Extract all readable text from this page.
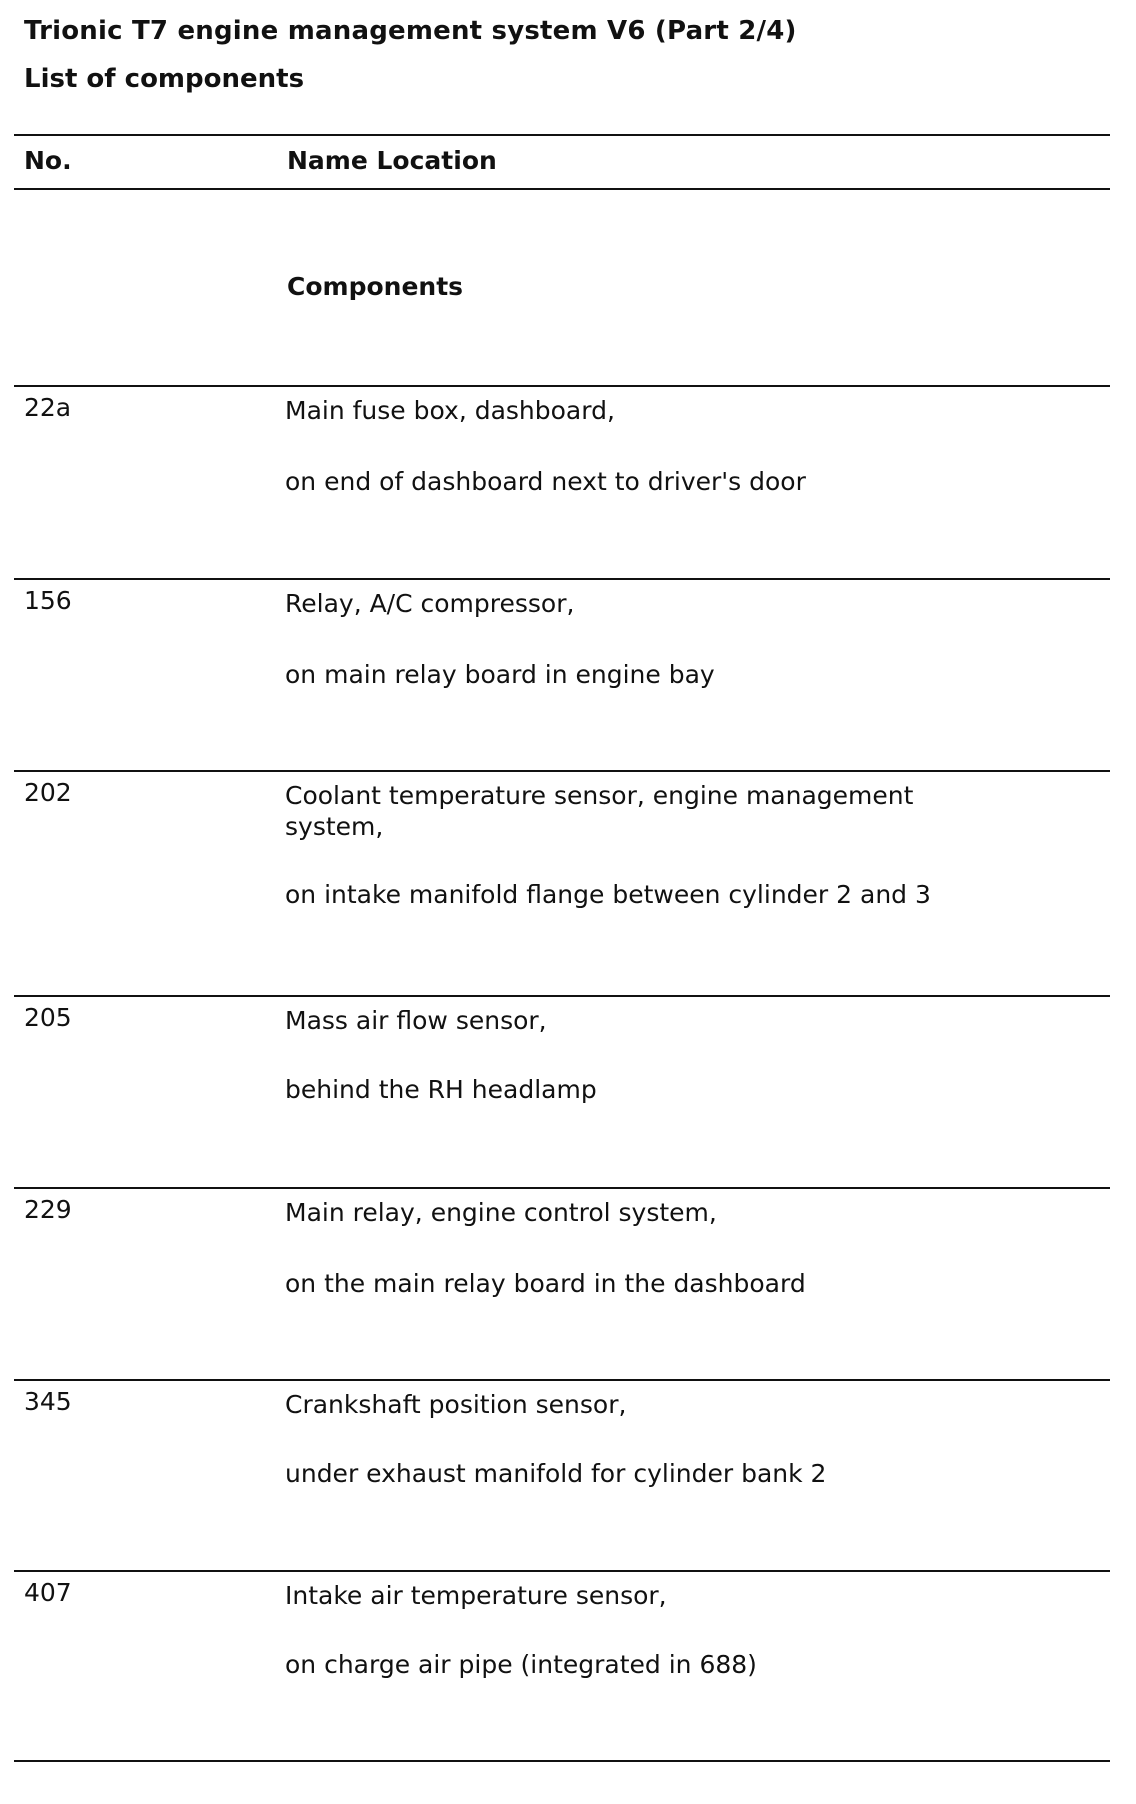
Trionic T7 engine management system V6 (Part 2/4)
List of components
No.	Name Location
Components
22a	Main fuse box, dashboard,
on end of dashboard next to driver's door
156	Relay, A/C compressor,
on main relay board in engine bay
202	Coolant temperature sensor, engine management system,
on intake manifold flange between cylinder 2 and 3
205	Mass air flow sensor,
behind the RH headlamp
229	Main relay, engine control system,
on the main relay board in the dashboard
345	Crankshaft position sensor,
under exhaust manifold for cylinder bank 2
407	Intake air temperature sensor,
on charge air pipe (integrated in 688)
